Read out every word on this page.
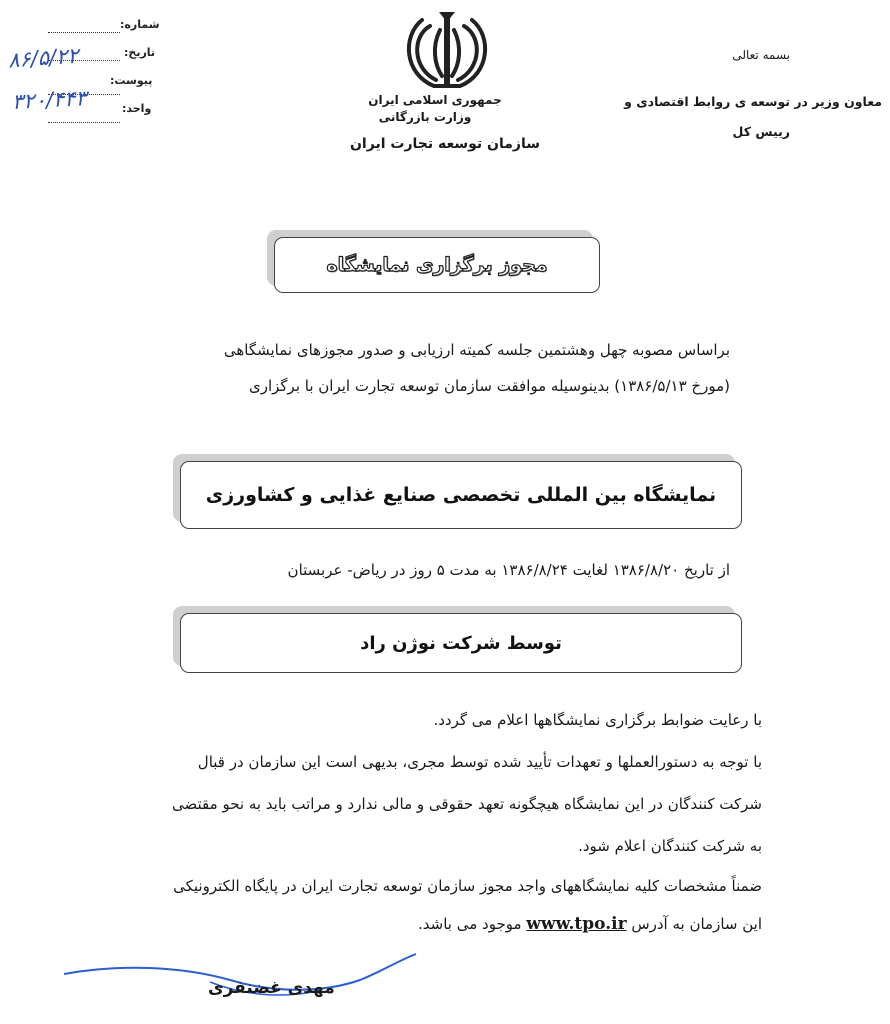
شماره:
تاریخ:
۸۶/۵/۲۲
پیوست:
واحد:
۳۲۰/۴۴۳	جمهوری اسلامی ایران
وزارت بازرگانی
سازمان توسعه تجارت ایران
بسمه تعالی
معاون وزیر در توسعه ی روابط اقتصادی و
رییس کل
مجوز برگزاری نمایشگاه
براساس مصوبه چهل وهشتمین جلسه کمیته ارزیابی و صدور مجوزهای نمایشگاهی
(مورخ ۱۳۸۶/۵/۱۳) بدینوسیله موافقت سازمان توسعه تجارت ایران با برگزاری
نمایشگاه بین المللی تخصصی صنایع غذایی و کشاورزی
از تاریخ ۱۳۸۶/۸/۲۰ لغایت ۱۳۸۶/۸/۲۴ به مدت ۵ روز در ریاض- عربستان
توسط شرکت نوژن راد
با رعایت ضوابط برگزاری نمایشگاهها اعلام می گردد.
با توجه به دستورالعملها و تعهدات تأیید شده توسط مجری، بدیهی است این سازمان در قبال
شرکت کنندگان در این نمایشگاه هیچگونه تعهد حقوقی و مالی ندارد و مراتب باید به نحو مقتضی
به شرکت کنندگان اعلام شود.
ضمناً مشخصات کلیه نمایشگاههای واجد مجوز سازمان توسعه تجارت ایران در پایگاه الکترونیکی
این سازمان به آدرس www.tpo.ir موجود می باشد.
مهدی غضنفری
